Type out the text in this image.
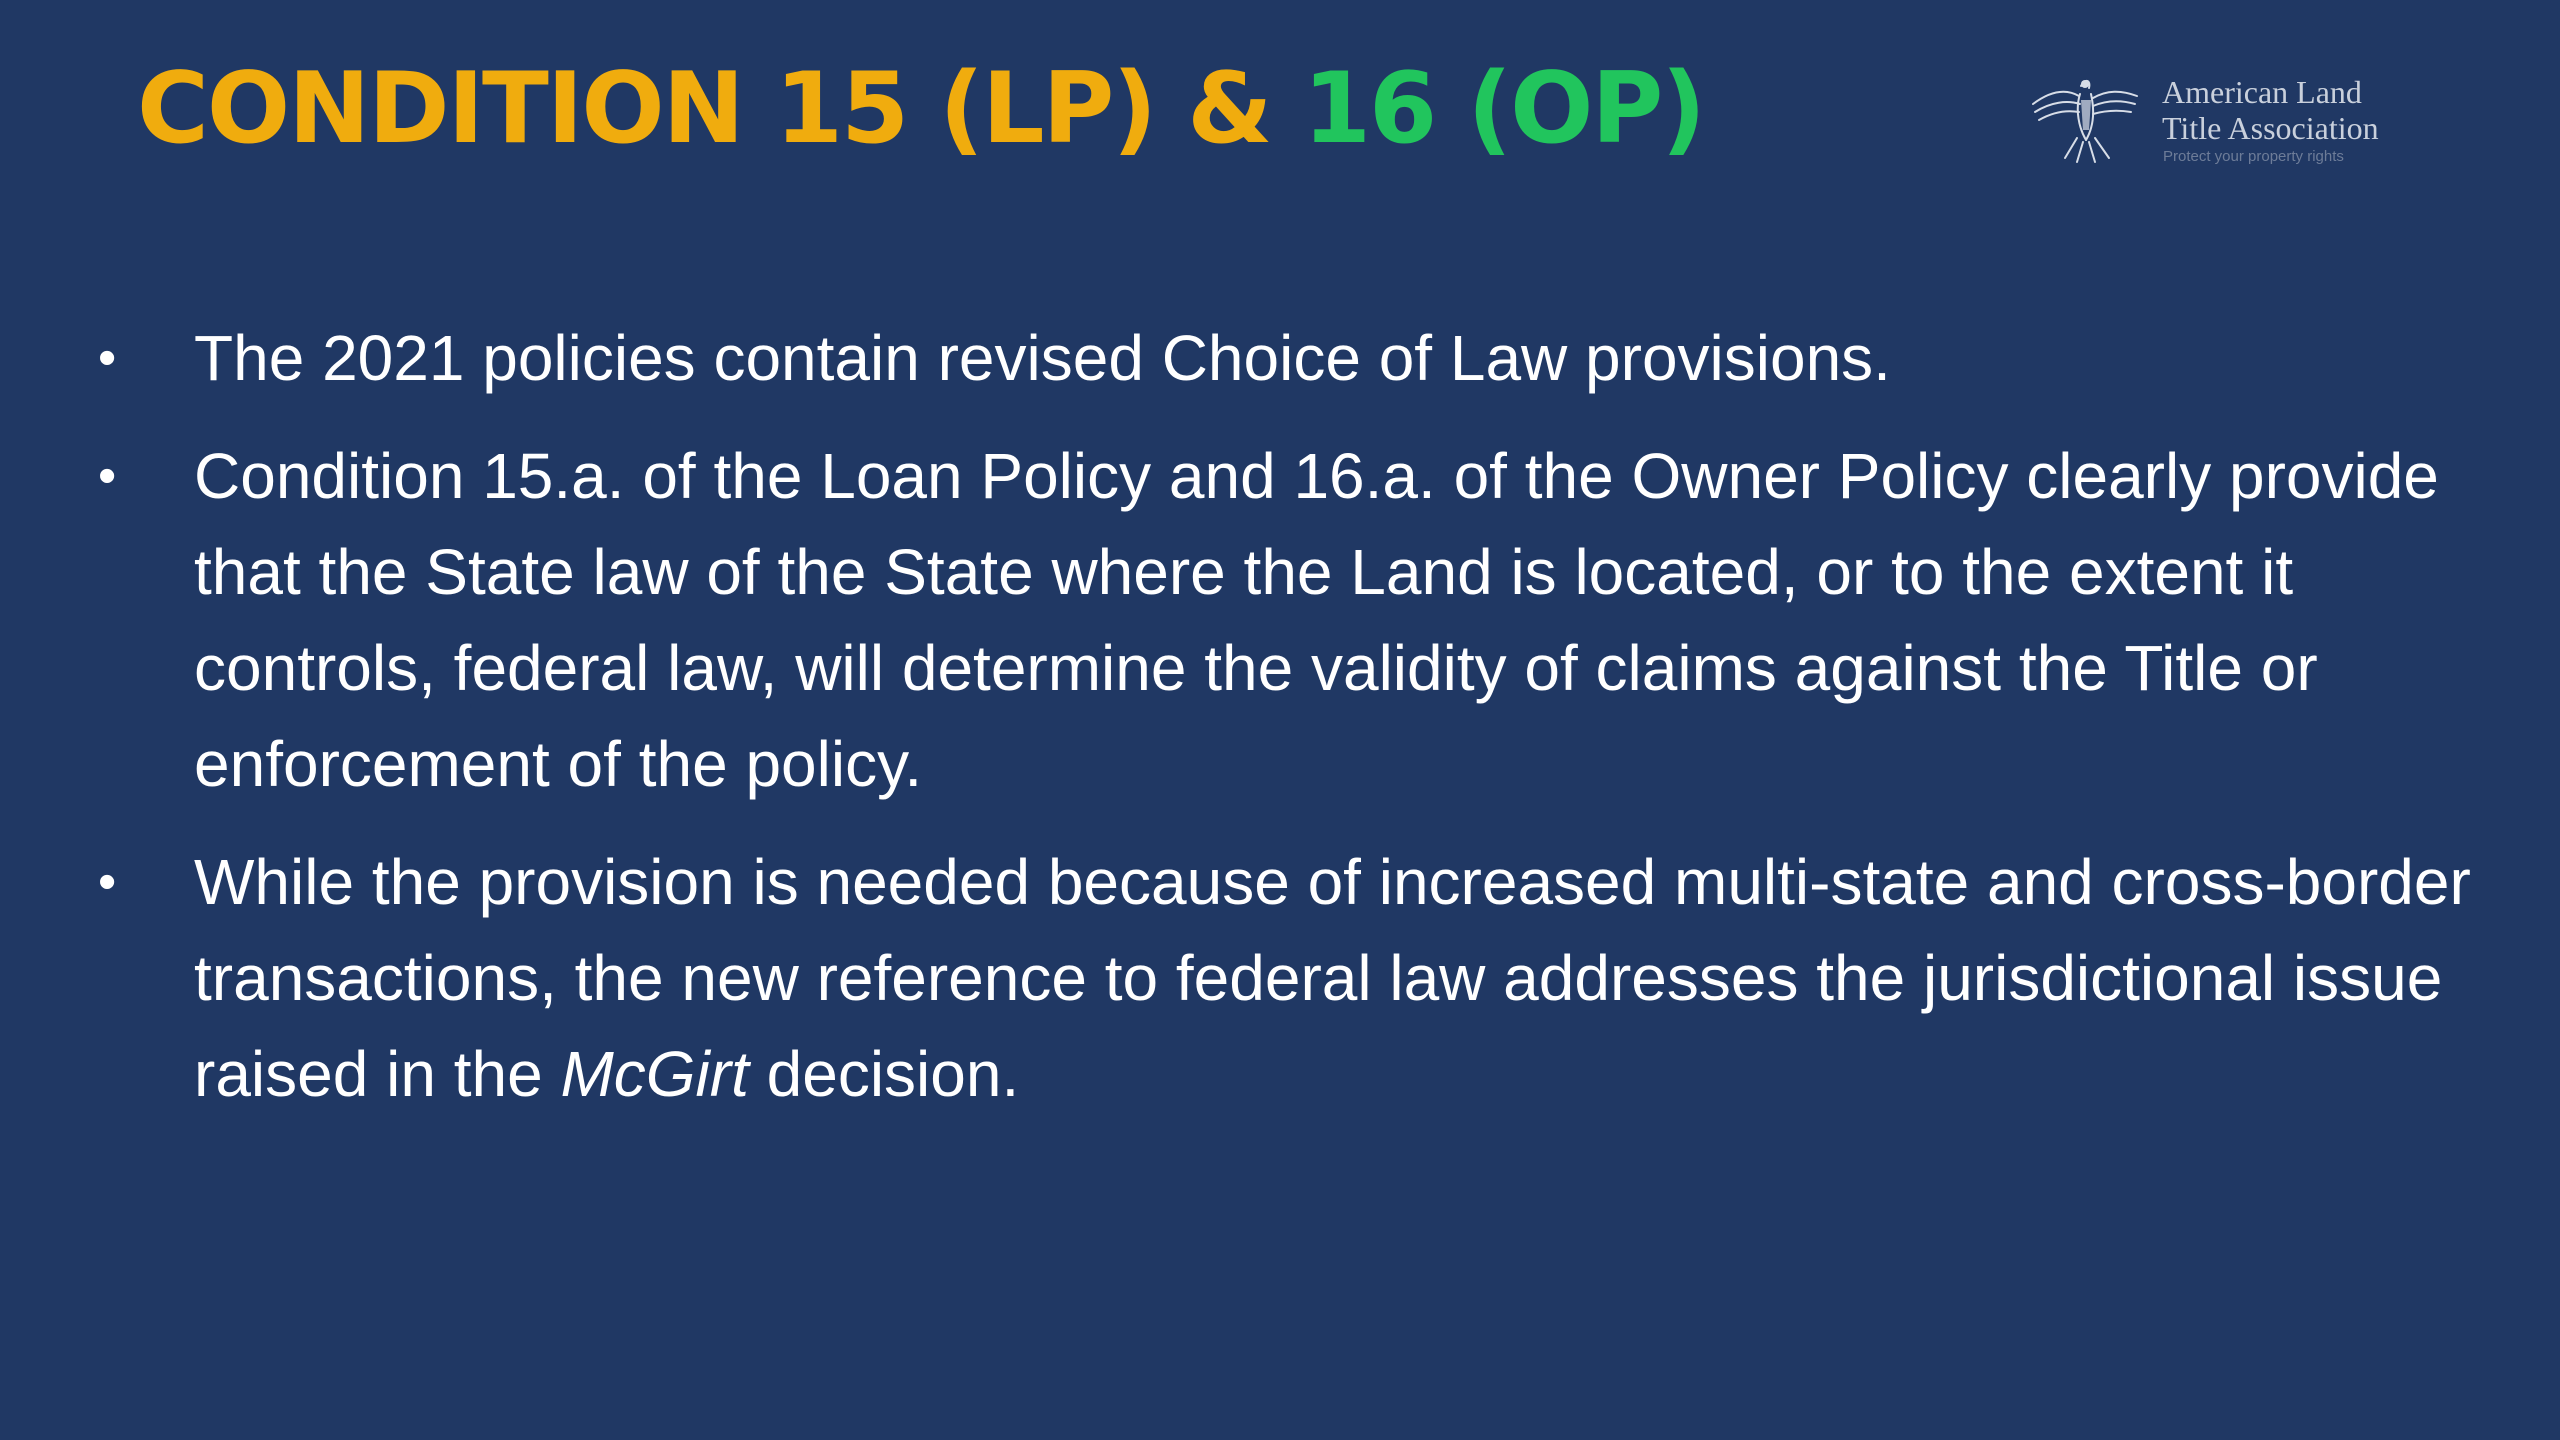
CONDITION 15 (LP) & 16 (OP)	American Land
Title Association
Protect your property rights
• The 2021 policies contain revised Choice of Law provisions.
• Condition 15.a. of the Loan Policy and 16.a. of the Owner Policy clearly provide that the State law of the State where the Land is located, or to the extent it controls, federal law, will determine the validity of claims against the Title or enforcement of the policy.
• While the provision is needed because of increased multi-state and cross-border transactions, the new reference to federal law addresses the jurisdictional issue raised in the McGirt decision.
